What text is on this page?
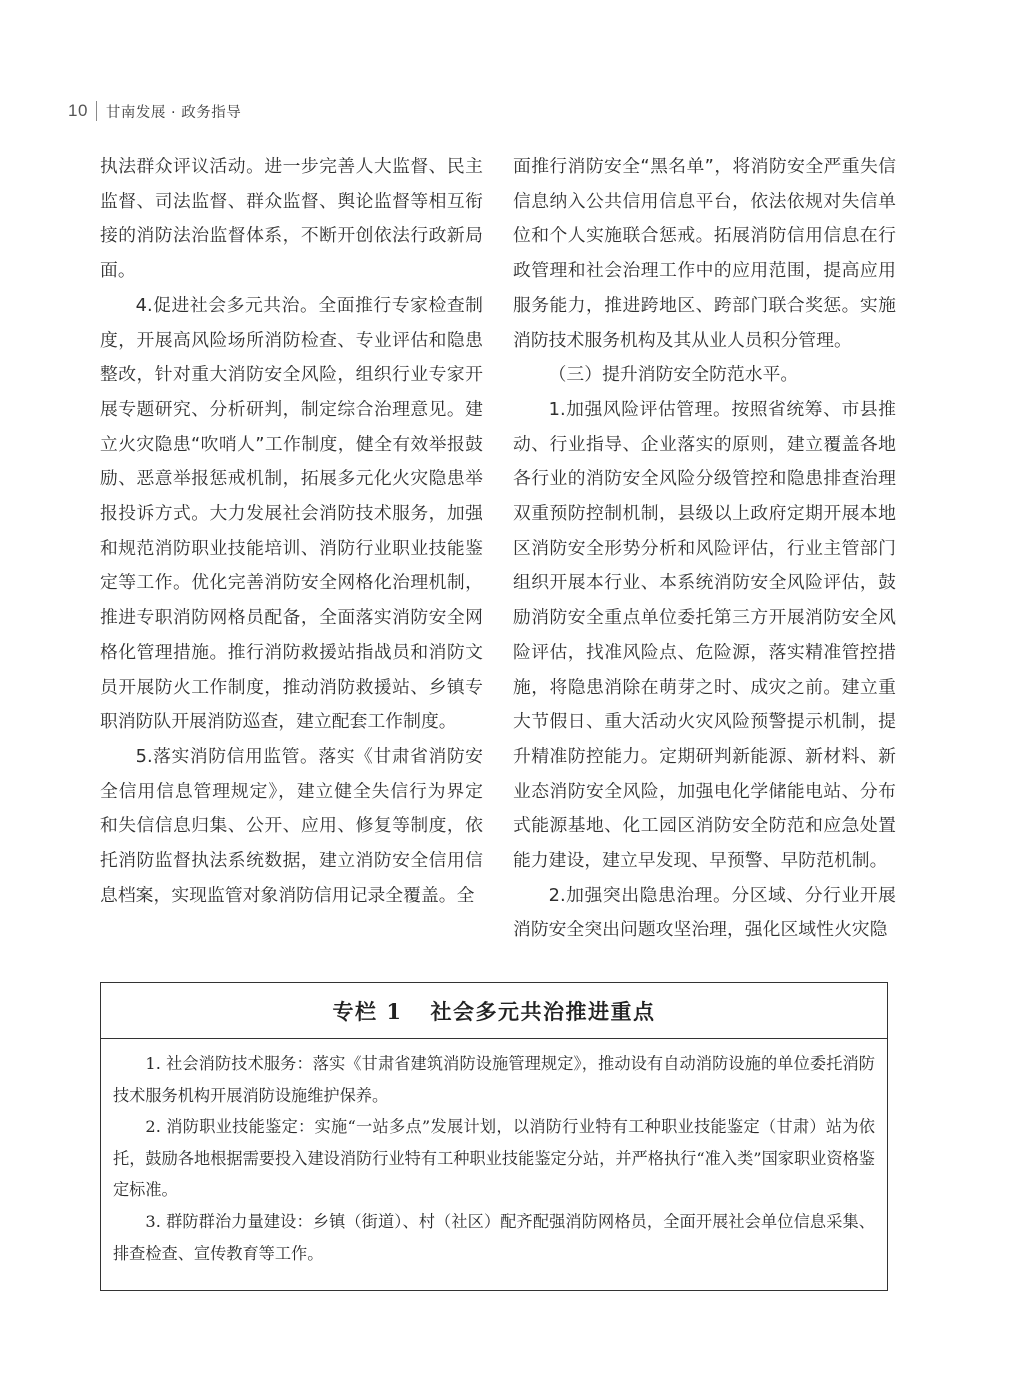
10 甘南发展 · 政务指导

执法群众评议活动。进一步完善人大监督、民主监督、司法监督、群众监督、舆论监督等相互衔接的消防法治监督体系，不断开创依法行政新局面。

4.促进社会多元共治。全面推行专家检查制度，开展高风险场所消防检查、专业评估和隐患整改，针对重大消防安全风险，组织行业专家开展专题研究、分析研判，制定综合治理意见。建立火灾隐患“吹哨人”工作制度，健全有效举报鼓励、恶意举报惩戒机制，拓展多元化火灾隐患举报投诉方式。大力发展社会消防技术服务，加强和规范消防职业技能培训、消防行业职业技能鉴定等工作。优化完善消防安全网格化治理机制，推进专职消防网格员配备，全面落实消防安全网格化管理措施。推行消防救援站指战员和消防文员开展防火工作制度，推动消防救援站、乡镇专职消防队开展消防巡查，建立配套工作制度。

5.落实消防信用监管。落实《甘肃省消防安全信用信息管理规定》，建立健全失信行为界定和失信信息归集、公开、应用、修复等制度，依托消防监督执法系统数据，建立消防安全信用信息档案，实现监管对象消防信用记录全覆盖。全

面推行消防安全“黑名单”，将消防安全严重失信信息纳入公共信用信息平台，依法依规对失信单位和个人实施联合惩戒。拓展消防信用信息在行政管理和社会治理工作中的应用范围，提高应用服务能力，推进跨地区、跨部门联合奖惩。实施消防技术服务机构及其从业人员积分管理。

（三）提升消防安全防范水平。

1.加强风险评估管理。按照省统筹、市县推动、行业指导、企业落实的原则，建立覆盖各地各行业的消防安全风险分级管控和隐患排查治理双重预防控制机制，县级以上政府定期开展本地区消防安全形势分析和风险评估，行业主管部门组织开展本行业、本系统消防安全风险评估，鼓励消防安全重点单位委托第三方开展消防安全风险评估，找准风险点、危险源，落实精准管控措施，将隐患消除在萌芽之时、成灾之前。建立重大节假日、重大活动火灾风险预警提示机制，提升精准防控能力。定期研判新能源、新材料、新业态消防安全风险，加强电化学储能电站、分布式能源基地、化工园区消防安全防范和应急处置能力建设，建立早发现、早预警、早防范机制。

2.加强突出隐患治理。分区域、分行业开展消防安全突出问题攻坚治理，强化区域性火灾隐

专栏 1 社会多元共治推进重点

1. 社会消防技术服务：落实《甘肃省建筑消防设施管理规定》，推动设有自动消防设施的单位委托消防技术服务机构开展消防设施维护保养。

2. 消防职业技能鉴定：实施“一站多点”发展计划，以消防行业特有工种职业技能鉴定（甘肃）站为依托，鼓励各地根据需要投入建设消防行业特有工种职业技能鉴定分站，并严格执行“准入类”国家职业资格鉴定标准。

3. 群防群治力量建设：乡镇（街道）、村（社区）配齐配强消防网格员，全面开展社会单位信息采集、排查检查、宣传教育等工作。
